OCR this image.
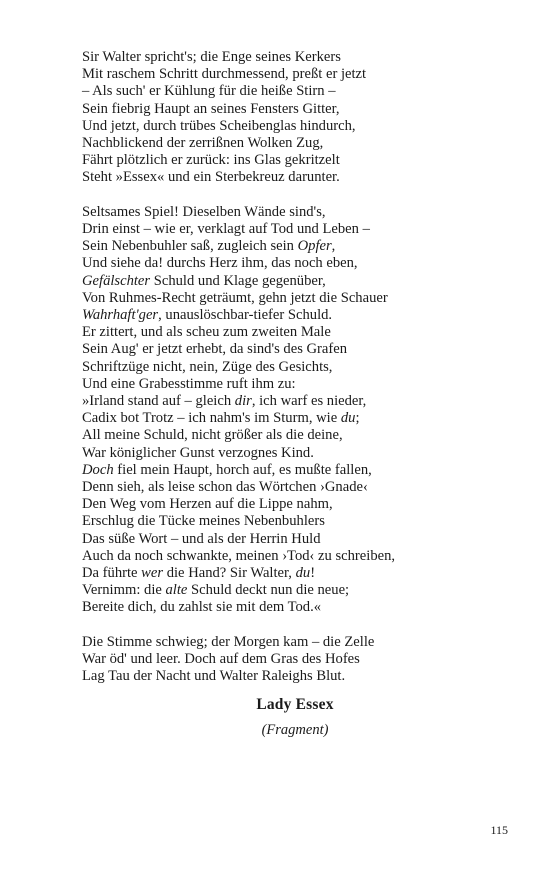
Sir Walter spricht's; die Enge seines Kerkers
Mit raschem Schritt durchmessend, preßt er jetzt
– Als such' er Kühlung für die heiße Stirn –
Sein fiebrig Haupt an seines Fensters Gitter,
Und jetzt, durch trübes Scheibenglas hindurch,
Nachblickend der zerrißnen Wolken Zug,
Fährt plötzlich er zurück: ins Glas gekritzelt
Steht »Essex« und ein Sterbekreuz darunter.
Seltsames Spiel! Dieselben Wände sind's,
Drin einst – wie er, verklagt auf Tod und Leben –
Sein Nebenbuhler saß, zugleich sein Opfer,
Und siehe da! durchs Herz ihm, das noch eben,
Gefälschter Schuld und Klage gegenüber,
Von Ruhmes-Recht geträumt, gehn jetzt die Schauer
Wahrhaft'ger, unauslöschbar-tiefer Schuld.
Er zittert, und als scheu zum zweiten Male
Sein Aug' er jetzt erhebt, da sind's des Grafen
Schriftzüge nicht, nein, Züge des Gesichts,
Und eine Grabesstimme ruft ihm zu:
»Irland stand auf – gleich dir, ich warf es nieder,
Cadix bot Trotz – ich nahm's im Sturm, wie du;
All meine Schuld, nicht größer als die deine,
War königlicher Gunst verzognes Kind.
Doch fiel mein Haupt, horch auf, es mußte fallen,
Denn sieh, als leise schon das Wörtchen ›Gnade‹
Den Weg vom Herzen auf die Lippe nahm,
Erschlug die Tücke meines Nebenbuhlers
Das süße Wort – und als der Herrin Huld
Auch da noch schwankte, meinen ›Tod‹ zu schreiben,
Da führte wer die Hand? Sir Walter, du!
Vernimm: die alte Schuld deckt nun die neue;
Bereite dich, du zahlst sie mit dem Tod.«
Die Stimme schwieg; der Morgen kam – die Zelle
War öd' und leer. Doch auf dem Gras des Hofes
Lag Tau der Nacht und Walter Raleighs Blut.
Lady Essex
(Fragment)
115
